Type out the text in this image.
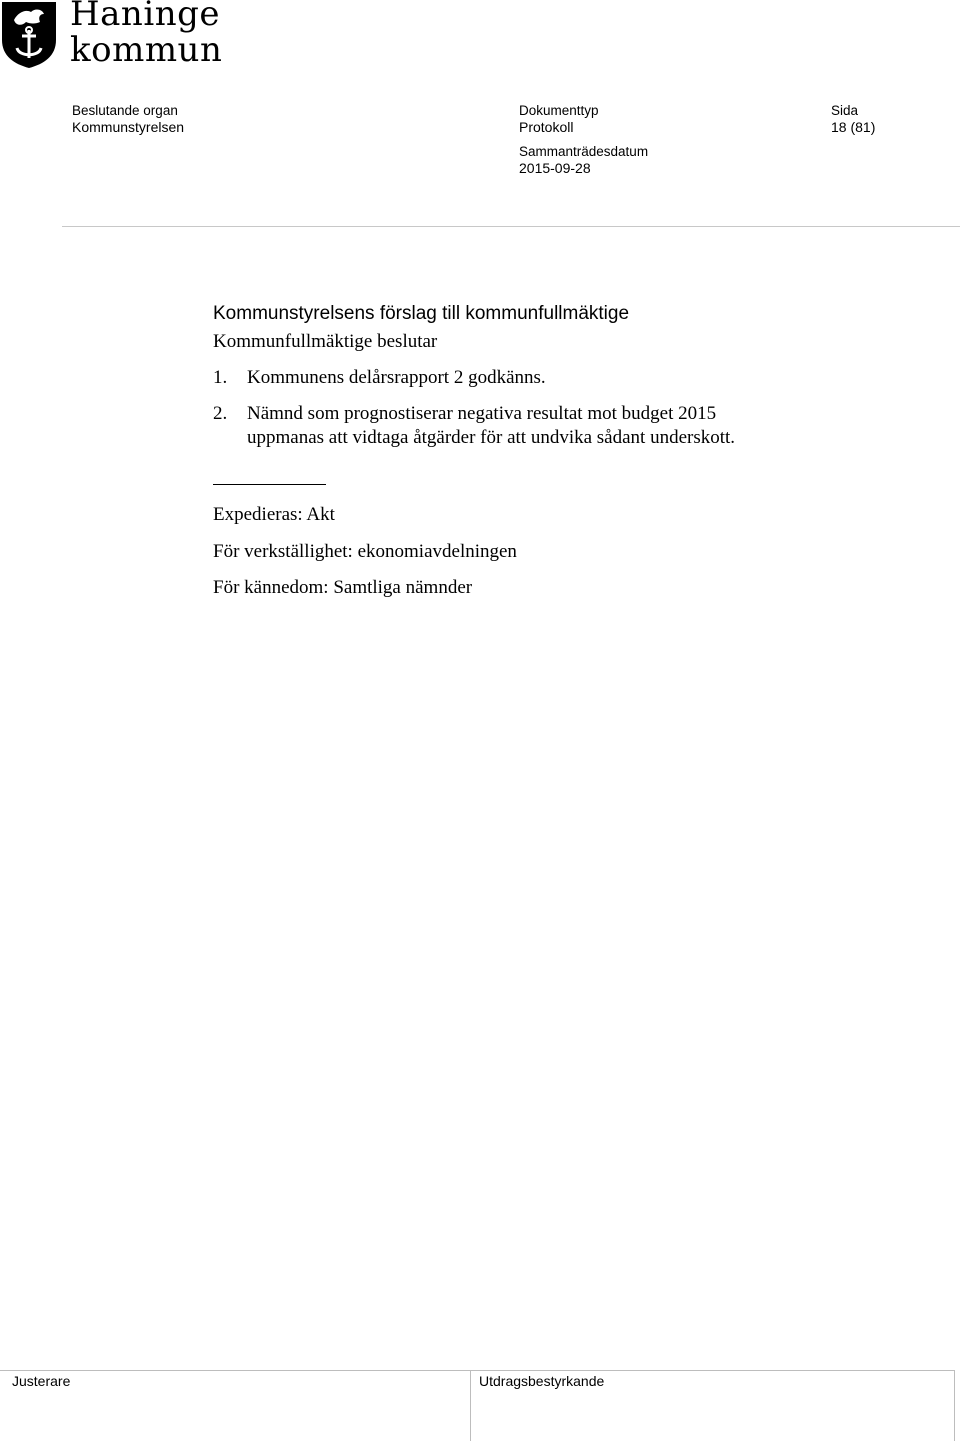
Haninge
kommun
Beslutande organ
Kommunstyrelsen
Dokumenttyp
Protokoll
Sammanträdesdatum
2015-09-28
Sida
18 (81)
Kommunstyrelsens förslag till kommunfullmäktige
Kommunfullmäktige beslutar
1. Kommunens delårsrapport 2 godkänns.
2. Nämnd som prognostiserar negativa resultat mot budget 2015
uppmanas att vidtaga åtgärder för att undvika sådant underskott.
Expedieras: Akt
För verkställighet: ekonomiavdelningen
För kännedom: Samtliga nämnder
Justerare	Utdragsbestyrkande
